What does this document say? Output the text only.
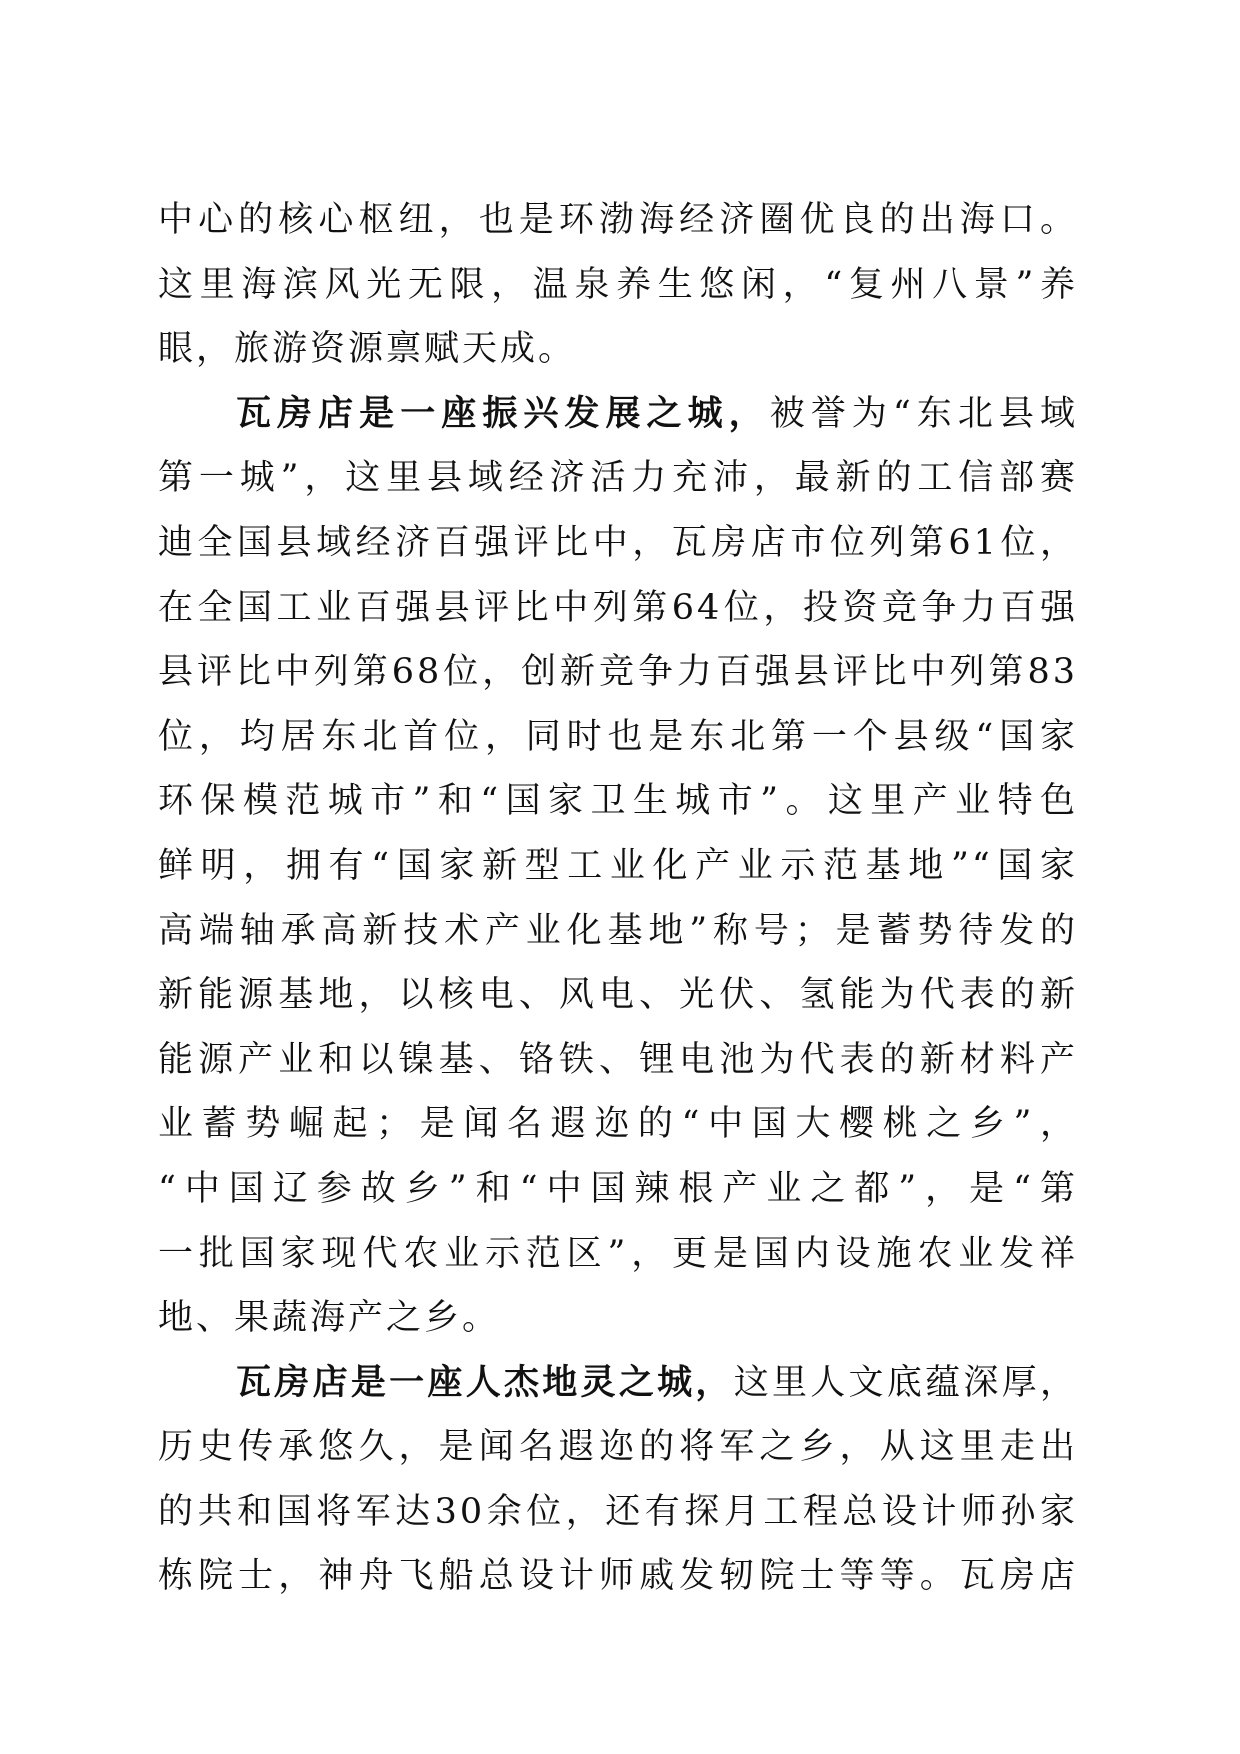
中心的核心枢纽，也是环渤海经济圈优良的出海口。
这里海滨风光无限，温泉养生悠闲，“复州八景”养
眼，旅游资源禀赋天成。
瓦房店是一座振兴发展之城，被誉为“东北县域
第一城”，这里县域经济活力充沛，最新的工信部赛
迪全国县域经济百强评比中，瓦房店市位列第61位，
在全国工业百强县评比中列第64位，投资竞争力百强
县评比中列第68位，创新竞争力百强县评比中列第83
位，均居东北首位，同时也是东北第一个县级“国家
环保模范城市”和“国家卫生城市”。这里产业特色
鲜明，拥有“国家新型工业化产业示范基地”“国家
高端轴承高新技术产业化基地”称号；是蓄势待发的
新能源基地，以核电、风电、光伏、氢能为代表的新
能源产业和以镍基、铬铁、锂电池为代表的新材料产
业蓄势崛起；是闻名遐迩的“中国大樱桃之乡”，
“中国辽参故乡”和“中国辣根产业之都”，是“第
一批国家现代农业示范区”，更是国内设施农业发祥
地、果蔬海产之乡。
瓦房店是一座人杰地灵之城，这里人文底蕴深厚，
历史传承悠久，是闻名遐迩的将军之乡，从这里走出
的共和国将军达30余位，还有探月工程总设计师孙家
栋院士，神舟飞船总设计师戚发轫院士等等。瓦房店
